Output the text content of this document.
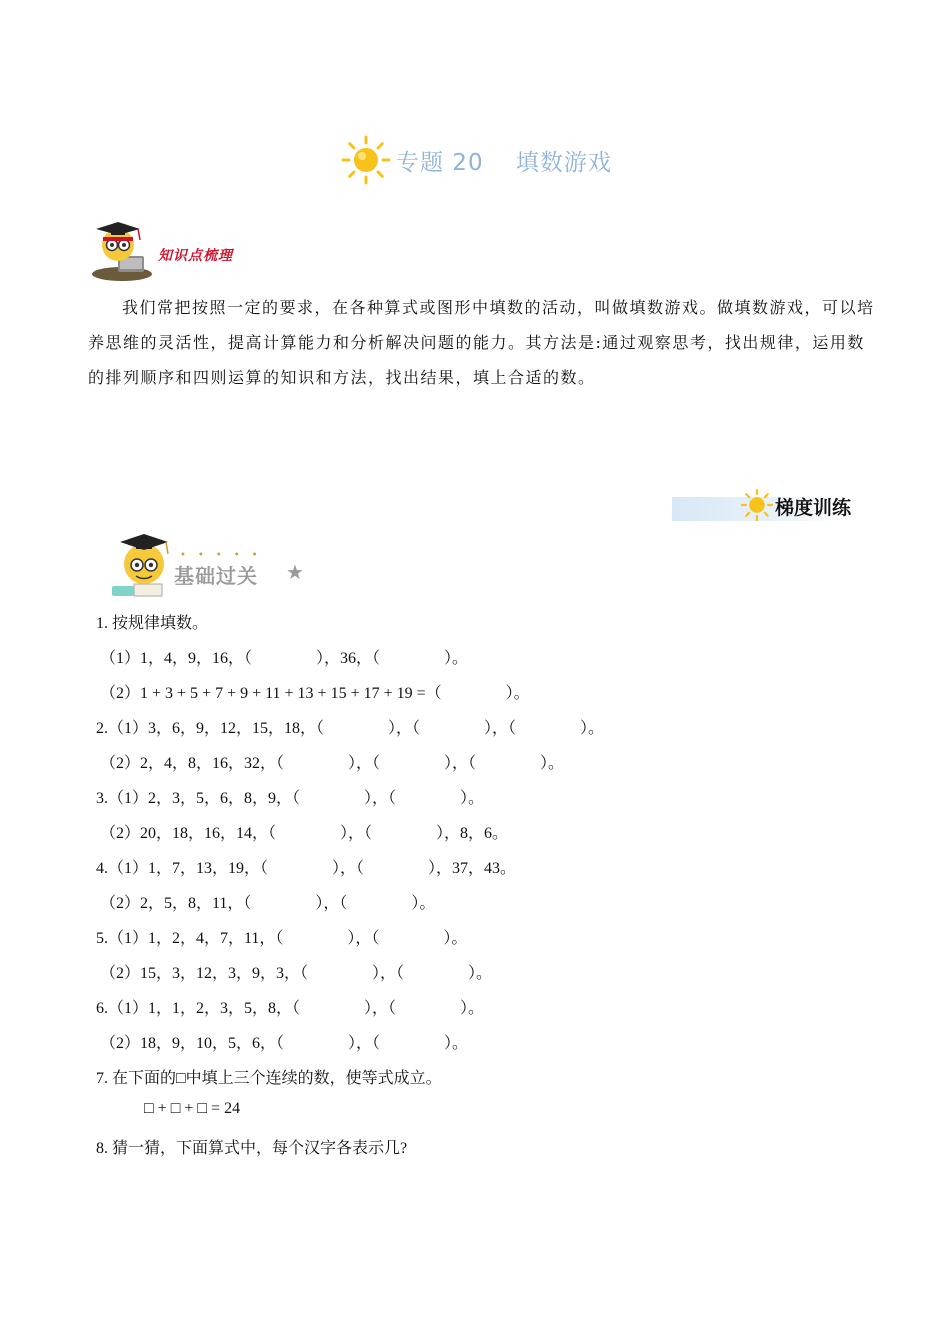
专题 20　 填数游戏
知识点梳理
我们常把按照一定的要求，在各种算式或图形中填数的活动，叫做填数游戏。做填数游戏，可以培养思维的灵活性，提高计算能力和分析解决问题的能力。其方法是:通过观察思考，找出规律，运用数的排列顺序和四则运算的知识和方法，找出结果，填上合适的数。
梯度训练
•••••
基础过关 ★
1. 按规律填数。
（1）1，4，9，16，（　　　　），36，（　　　　）。
（2）1 + 3 + 5 + 7 + 9 + 11 + 13 + 15 + 17 + 19 =（　　　　）。
2.（1）3，6，9，12，15，18，（　　　　），（　　　　），（　　　　）。
（2）2，4，8，16，32，（　　　　），（　　　　），（　　　　）。
3.（1）2，3，5，6，8，9，（　　　　），（　　　　）。
（2）20，18，16，14，（　　　　），（　　　　），8，6。
4.（1）1，7，13，19，（　　　　），（　　　　），37，43。
（2）2，5，8，11，（　　　　），（　　　　）。
5.（1）1，2，4，7，11，（　　　　），（　　　　）。
（2）15，3，12，3，9，3，（　　　　），（　　　　）。
6.（1）1，1，2，3，5，8，（　　　　），（　　　　）。
（2）18，9，10，5，6，（　　　　），（　　　　）。
7. 在下面的□中填上三个连续的数，使等式成立。
□ + □ + □ = 24
8. 猜一猜，下面算式中，每个汉字各表示几?
